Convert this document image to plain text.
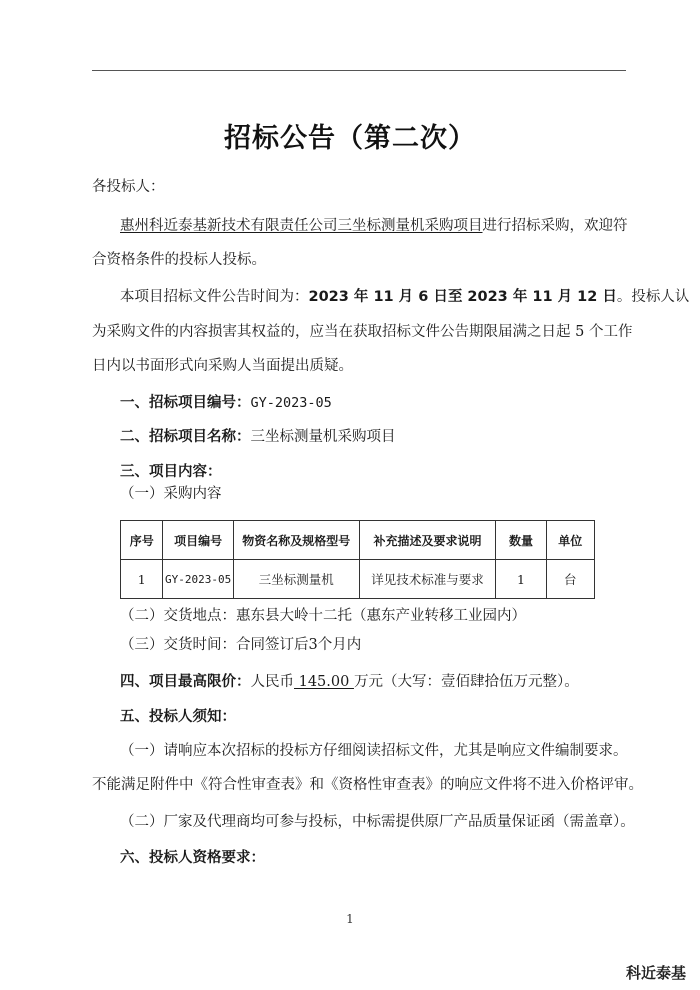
招标公告（第二次）
各投标人：
惠州科近泰基新技术有限责任公司三坐标测量机采购项目进行招标采购，欢迎符
合资格条件的投标人投标。
本项目招标文件公告时间为：2023 年 11 月 6 日至 2023 年 11 月 12 日。投标人认
为采购文件的内容损害其权益的，应当在获取招标文件公告期限届满之日起 5 个工作
日内以书面形式向采购人当面提出质疑。
一、招标项目编号：GY-2023-05
二、招标项目名称：三坐标测量机采购项目
三、项目内容：
（一）采购内容
序号	项目编号	物资名称及规格型号	补充描述及要求说明	数量	单位
1	GY-2023-05	三坐标测量机	详见技术标准与要求	1	台
（二）交货地点：惠东县大岭十二托（惠东产业转移工业园内）
（三）交货时间：合同签订后3个月内
四、项目最高限价：人民币 145.00 万元（大写：壹佰肆拾伍万元整）。
五、投标人须知：
（一）请响应本次招标的投标方仔细阅读招标文件，尤其是响应文件编制要求。
不能满足附件中《符合性审查表》和《资格性审查表》的响应文件将不进入价格评审。
（二）厂家及代理商均可参与投标，中标需提供原厂产品质量保证函（需盖章）。
六、投标人资格要求：
1
科近泰基
